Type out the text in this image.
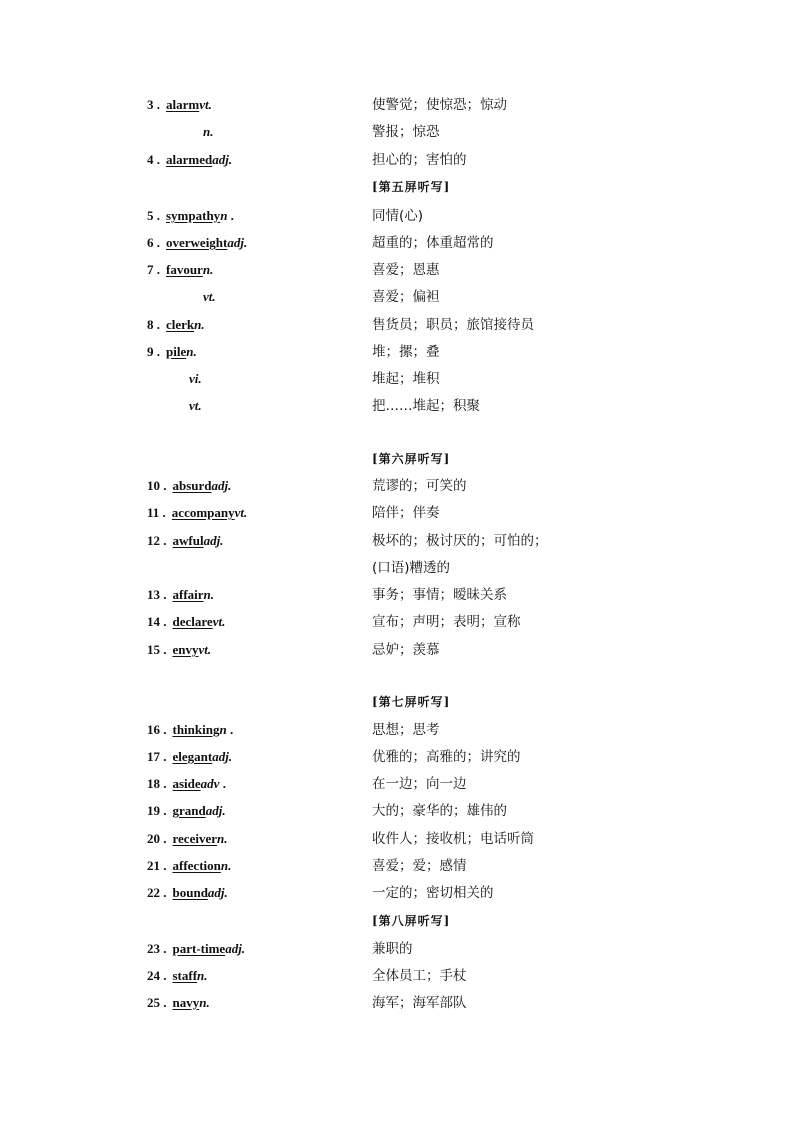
3 . alarmvt.	使警觉；使惊恐；惊动
n.	警报；惊恐
4 . alarmedadj.	担心的；害怕的
[第五屏听写]
5 . sympathyn .	同情(心)
6 . overweightadj.	超重的；体重超常的
7 . favourn.	喜爱；恩惠
vt.	喜爱；偏袒
8 . clerkn.	售货员；职员；旅馆接待员
9 . pilen.	堆；摞；叠
vi.	堆起；堆积
vt.	把……堆起；积聚
[第六屏听写]
10 . absurdadj.	荒谬的；可笑的
11 . accompanyvt.	陪伴；伴奏
12 . awfuladj.	极坏的；极讨厌的；可怕的；
(口语)糟透的
13 . affairn.	事务；事情；暧昧关系
14 . declarevt.	宣布；声明；表明；宣称
15 . envyvt.	忌妒；羡慕
[第七屏听写]
16 . thinkingn .	思想；思考
17 . elegantadj.	优雅的；高雅的；讲究的
18 . asideadv .	在一边；向一边
19 . grandadj.	大的；豪华的；雄伟的
20 . receivern.	收件人；接收机；电话听筒
21 . affectionn.	喜爱；爱；感情
22 . boundadj.	一定的；密切相关的
[第八屏听写]
23 . part-timeadj.	兼职的
24 . staffn.	全体员工；手杖
25 . navyn.	海军；海军部队
